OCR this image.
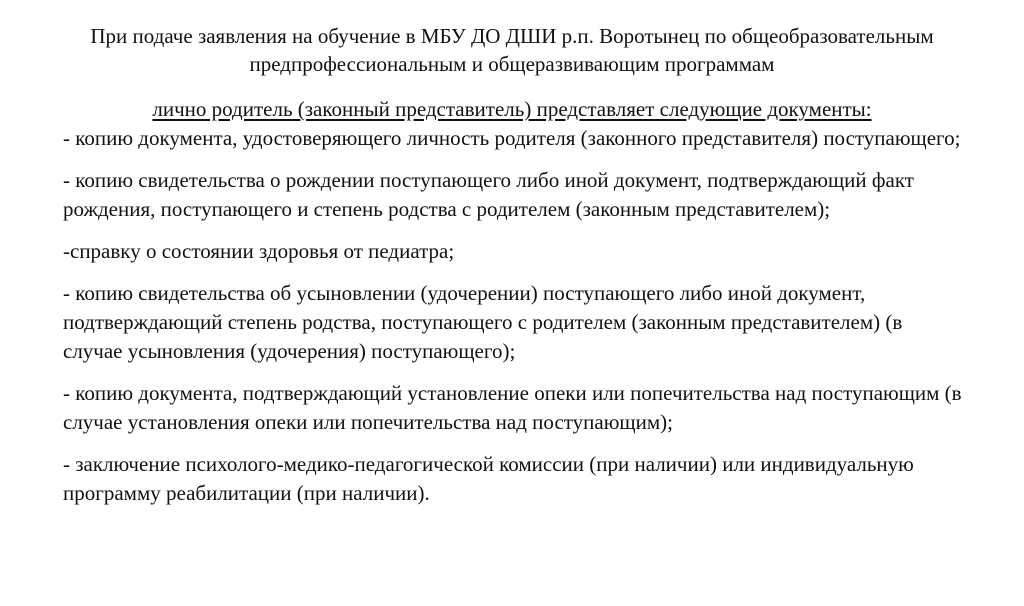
При подаче заявления на обучение в МБУ ДО ДШИ р.п. Воротынец по общеобразовательным предпрофессиональным и общеразвивающим программам

лично родитель (законный представитель) представляет следующие документы:

- копию документа, удостоверяющего личность родителя (законного представителя) поступающего;
- копию свидетельства о рождении поступающего либо иной документ, подтверждающий факт рождения, поступающего и степень родства с родителем (законным представителем);
-справку о состоянии здоровья от педиатра;
- копию свидетельства об усыновлении (удочерении) поступающего либо иной документ, подтверждающий степень родства, поступающего с родителем (законным представителем) (в случае усыновления (удочерения) поступающего);
- копию документа, подтверждающий установление опеки или попечительства над поступающим (в случае установления опеки или попечительства над поступающим);
- заключение психолого-медико-педагогической комиссии (при наличии) или индивидуальную программу реабилитации (при наличии).
